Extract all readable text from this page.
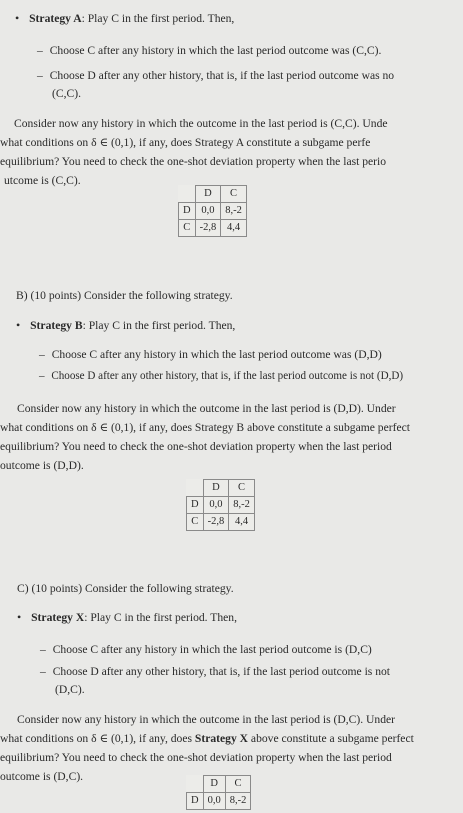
• Strategy A: Play C in the first period. Then,
– Choose C after any history in which the last period outcome was (C,C).
– Choose D after any other history, that is, if the last period outcome was no
(C,C).
Consider now any history in which the outcome in the last period is (C,C). Unde
what conditions on δ ∈ (0,1), if any, does Strategy A constitute a subgame perfe
equilibrium? You need to check the one-shot deviation property when the last perio
utcome is (C,C).
	D	C
D	0,0	8,-2
C	-2,8	4,4
B) (10 points) Consider the following strategy.
• Strategy B: Play C in the first period. Then,
– Choose C after any history in which the last period outcome was (D,D)
– Choose D after any other history, that is, if the last period outcome is not (D,D)
Consider now any history in which the outcome in the last period is (D,D). Under
what conditions on δ ∈ (0,1), if any, does Strategy B above constitute a subgame perfect
equilibrium? You need to check the one-shot deviation property when the last period
outcome is (D,D).
	D	C
D	0,0	8,-2
C	-2,8	4,4
C) (10 points) Consider the following strategy.
• Strategy X: Play C in the first period. Then,
– Choose C after any history in which the last period outcome is (D,C)
– Choose D after any other history, that is, if the last period outcome is not
(D,C).
Consider now any history in which the outcome in the last period is (D,C). Under
what conditions on δ ∈ (0,1), if any, does Strategy X above constitute a subgame perfect
equilibrium? You need to check the one-shot deviation property when the last period
outcome is (D,C).
	D	C
D	0,0	8,-2
